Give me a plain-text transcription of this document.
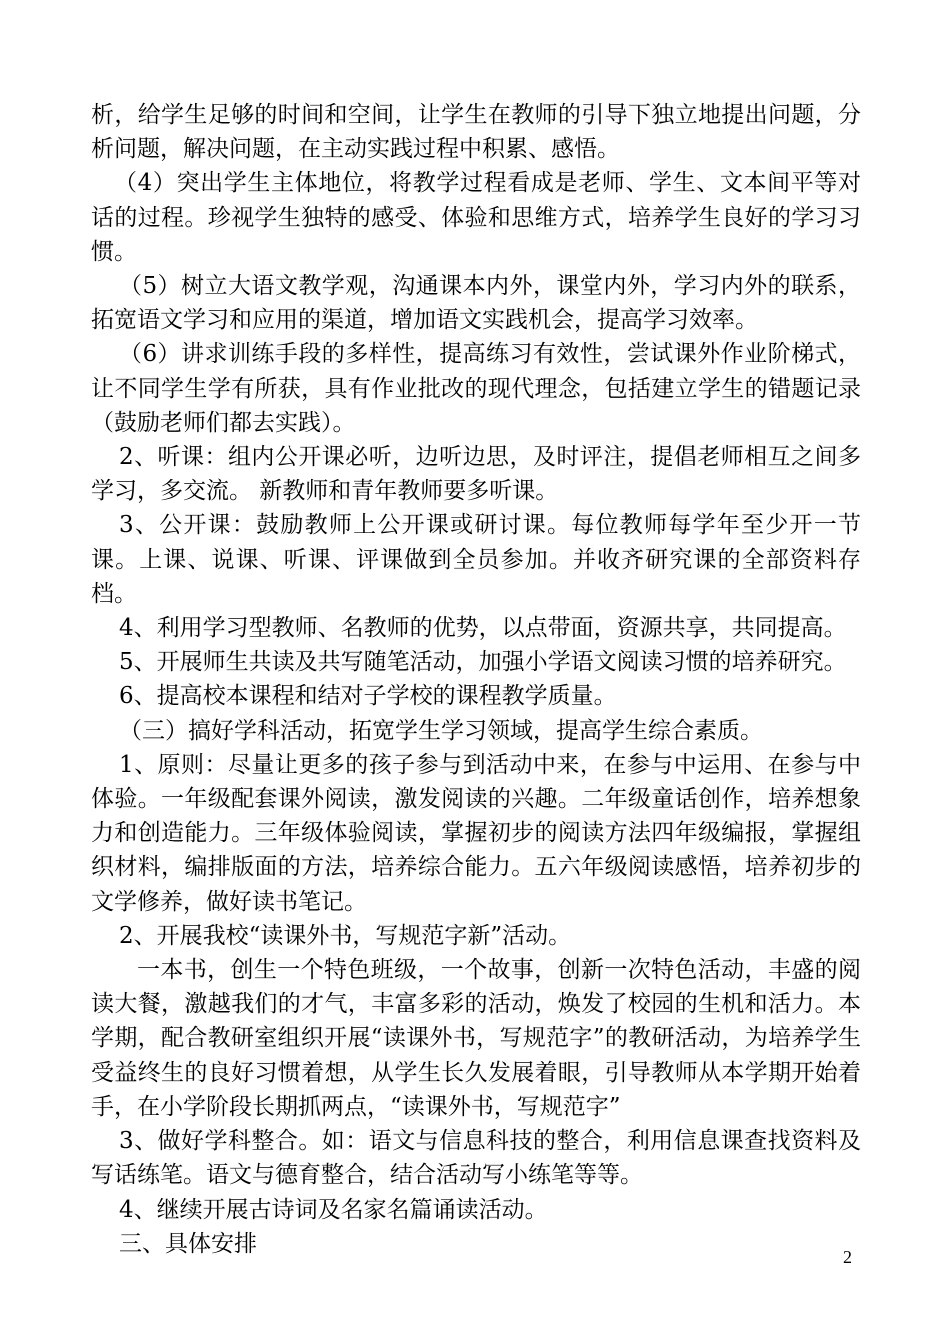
析，给学生足够的时间和空间，让学生在教师的引导下独立地提出问题，分析问题，解决问题，在主动实践过程中积累、感悟。

（4）突出学生主体地位，将教学过程看成是老师、学生、文本间平等对话的过程。珍视学生独特的感受、体验和思维方式，培养学生良好的学习习惯。

（5）树立大语文教学观，沟通课本内外，课堂内外，学习内外的联系，拓宽语文学习和应用的渠道，增加语文实践机会，提高学习效率。

（6）讲求训练手段的多样性，提高练习有效性，尝试课外作业阶梯式，让不同学生学有所获，具有作业批改的现代理念，包括建立学生的错题记录（鼓励老师们都去实践）。

2、听课：组内公开课必听，边听边思，及时评注，提倡老师相互之间多学习，多交流。 新教师和青年教师要多听课。

3、公开课：鼓励教师上公开课或研讨课。每位教师每学年至少开一节课。上课、说课、听课、评课做到全员参加。并收齐研究课的全部资料存档。

4、利用学习型教师、名教师的优势，以点带面，资源共享，共同提高。

5、开展师生共读及共写随笔活动，加强小学语文阅读习惯的培养研究。

6、提高校本课程和结对子学校的课程教学质量。

（三）搞好学科活动，拓宽学生学习领域，提高学生综合素质。

1、原则：尽量让更多的孩子参与到活动中来，在参与中运用、在参与中体验。一年级配套课外阅读，激发阅读的兴趣。二年级童话创作，培养想象力和创造能力。三年级体验阅读，掌握初步的阅读方法四年级编报，掌握组织材料，编排版面的方法，培养综合能力。五六年级阅读感悟，培养初步的文学修养，做好读书笔记。

2、开展我校“读课外书，写规范字新”活动。

一本书，创生一个特色班级，一个故事，创新一次特色活动，丰盛的阅读大餐，激越我们的才气，丰富多彩的活动，焕发了校园的生机和活力。本学期，配合教研室组织开展“读课外书，写规范字”的教研活动，为培养学生受益终生的良好习惯着想，从学生长久发展着眼，引导教师从本学期开始着手，在小学阶段长期抓两点，“读课外书，写规范字”

3、做好学科整合。如：语文与信息科技的整合，利用信息课查找资料及写话练笔。语文与德育整合，结合活动写小练笔等等。

4、继续开展古诗词及名家名篇诵读活动。

三、具体安排

2
